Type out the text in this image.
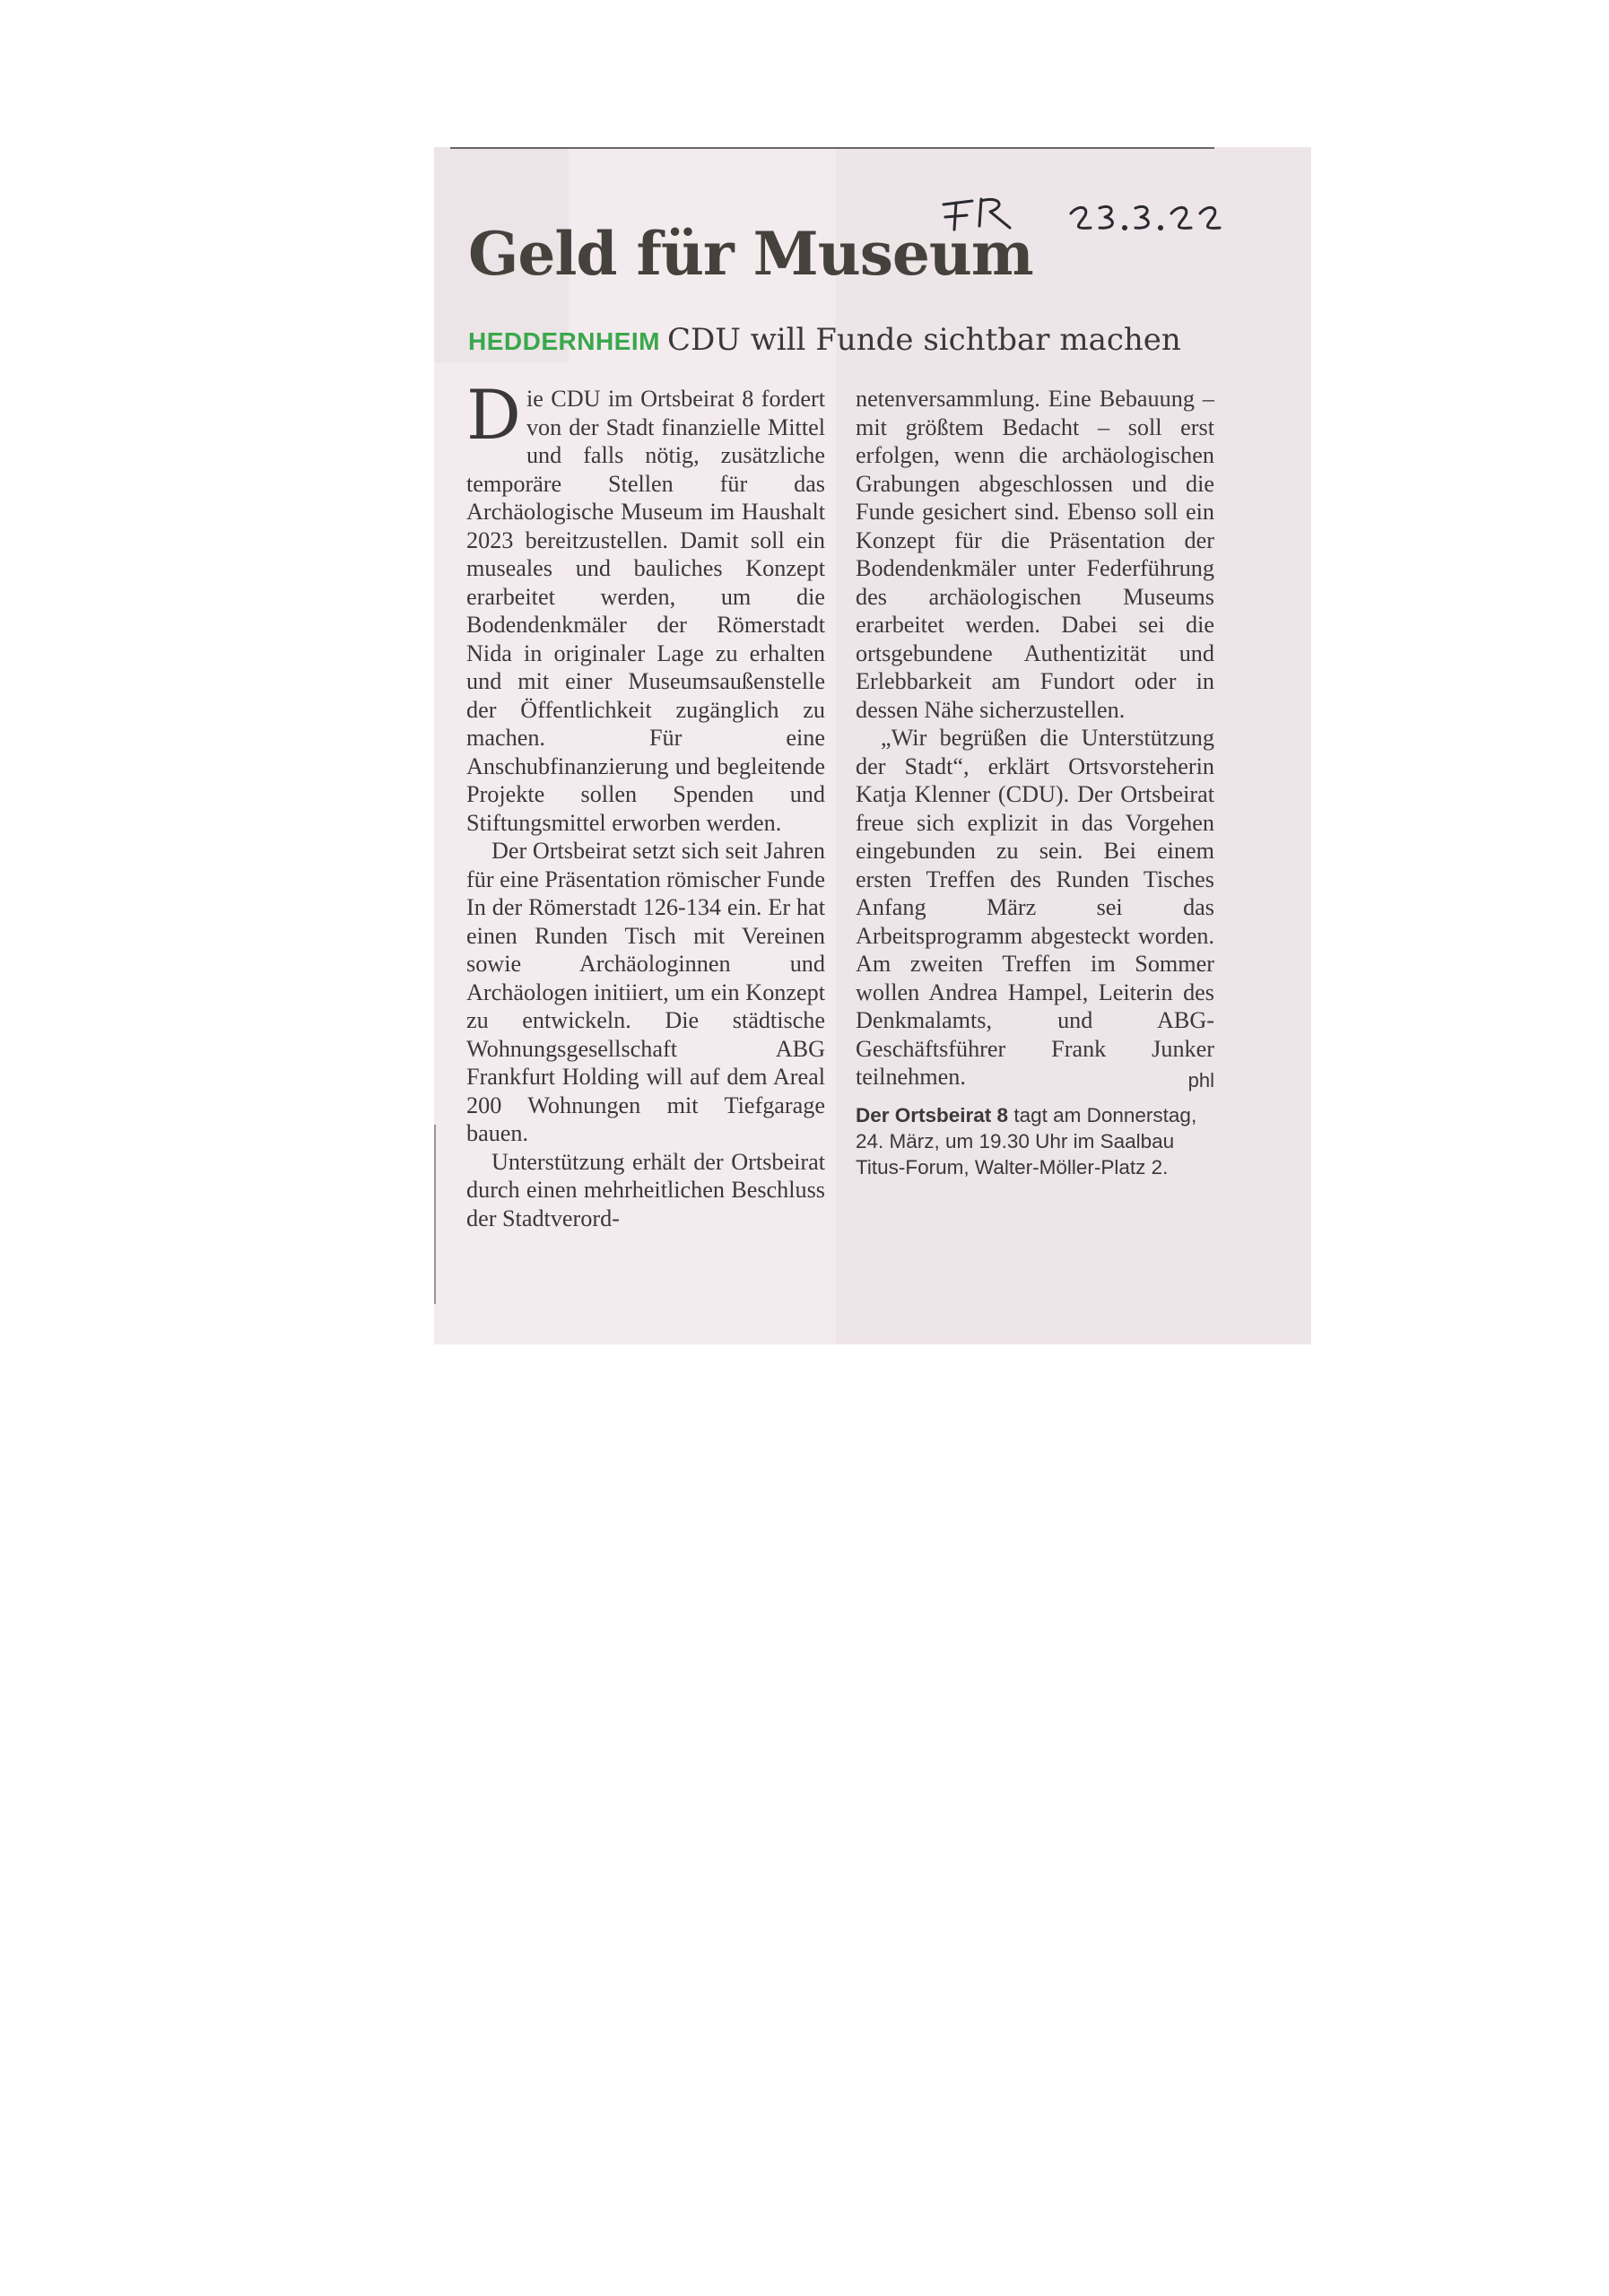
Geld für Museum
HEDDERNHEIM CDU will Funde sichtbar machen

Die CDU im Ortsbeirat 8 fordert von der Stadt finanzielle Mittel und falls nötig, zusätzliche temporäre Stellen für das Archäologische Museum im Haushalt 2023 bereitzustellen. Damit soll ein museales und bauliches Konzept erarbeitet werden, um die Bodendenkmäler der Römerstadt Nida in originaler Lage zu erhalten und mit einer Museumsaußenstelle der Öffentlichkeit zugänglich zu machen. Für eine Anschubfinanzierung und begleitende Projekte sollen Spenden und Stiftungsmittel erworben werden.

Der Ortsbeirat setzt sich seit Jahren für eine Präsentation römischer Funde In der Römerstadt 126-134 ein. Er hat einen Runden Tisch mit Vereinen sowie Archäologinnen und Archäologen initiiert, um ein Konzept zu entwickeln. Die städtische Wohnungsgesellschaft ABG Frankfurt Holding will auf dem Areal 200 Wohnungen mit Tiefgarage bauen.

Unterstützung erhält der Ortsbeirat durch einen mehrheitlichen Beschluss der Stadtverord-

netenversammlung. Eine Bebauung – mit größtem Bedacht – soll erst erfolgen, wenn die archäologischen Grabungen abgeschlossen und die Funde gesichert sind. Ebenso soll ein Konzept für die Präsentation der Bodendenkmäler unter Federführung des archäologischen Museums erarbeitet werden. Dabei sei die ortsgebundene Authentizität und Erlebbarkeit am Fundort oder in dessen Nähe sicherzustellen.

„Wir begrüßen die Unterstützung der Stadt“, erklärt Ortsvorsteherin Katja Klenner (CDU). Der Ortsbeirat freue sich explizit in das Vorgehen eingebunden zu sein. Bei einem ersten Treffen des Runden Tisches Anfang März sei das Arbeitsprogramm abgesteckt worden. Am zweiten Treffen im Sommer wollen Andrea Hampel, Leiterin des Denkmalamts, und ABG-Geschäftsführer Frank Junker teilnehmen.	phl

Der Ortsbeirat 8 tagt am Donnerstag, 24. März, um 19.30 Uhr im Saalbau Titus-Forum, Walter-Möller-Platz 2.
